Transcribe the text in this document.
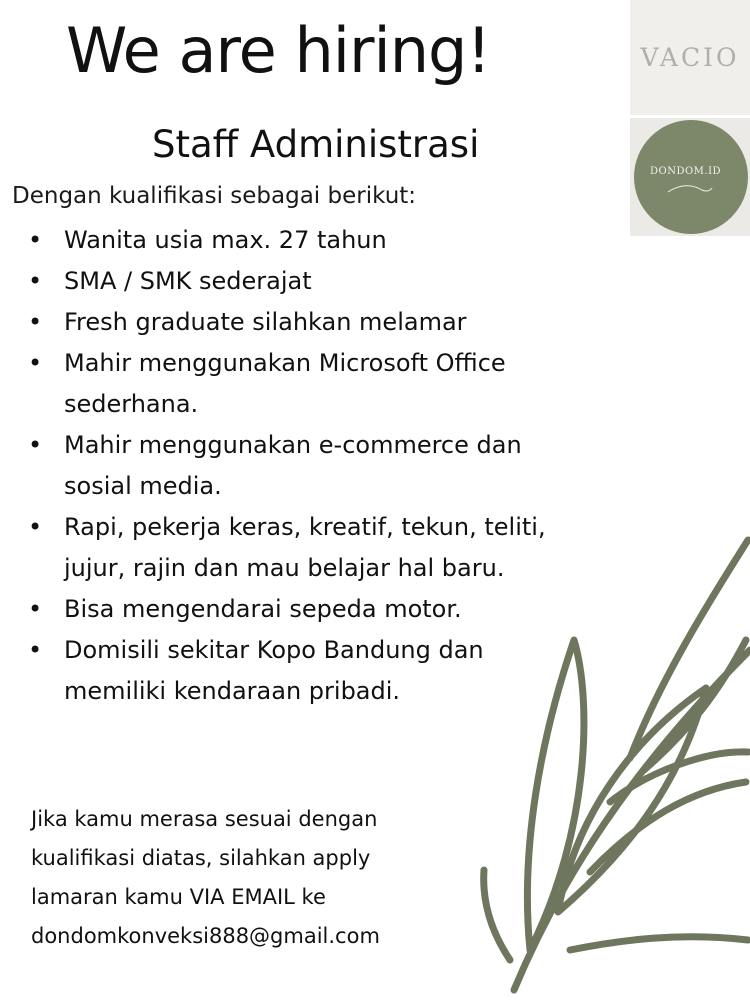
We are hiring!
Staff Administrasi

Dengan kualifikasi sebagai berikut:

• Wanita usia max. 27 tahun
• SMA / SMK sederajat
• Fresh graduate silahkan melamar
• Mahir menggunakan Microsoft Office
sederhana.
• Mahir menggunakan e-commerce dan
sosial media.
• Rapi, pekerja keras, kreatif, tekun, teliti,
jujur, rajin dan mau belajar hal baru.
• Bisa mengendarai sepeda motor.
• Domisili sekitar Kopo Bandung dan
memiliki kendaraan pribadi.
Jika kamu merasa sesuai dengan
kualifikasi diatas, silahkan apply
lamaran kamu VIA EMAIL ke
dondomkonveksi888@gmail.com
VACIO
DONDOM.ID
